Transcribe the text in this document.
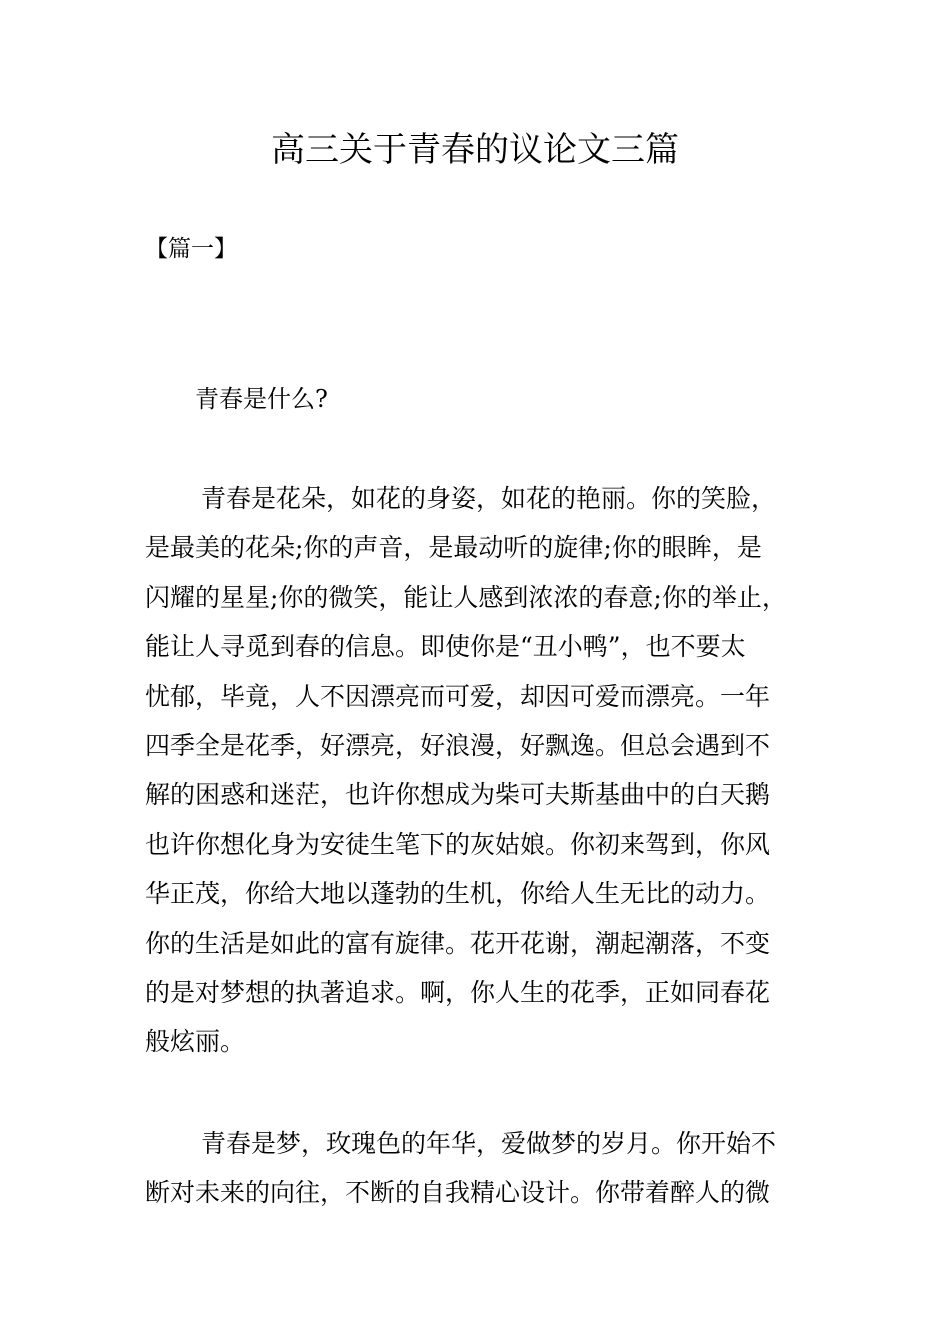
高三关于青春的议论文三篇
【篇一】
青春是什么?
青春是花朵，如花的身姿，如花的艳丽。你的笑脸，
是最美的花朵;你的声音，是最动听的旋律;你的眼眸，是
闪耀的星星;你的微笑，能让人感到浓浓的春意;你的举止，
能让人寻觅到春的信息。即使你是“丑小鸭”，也不要太
忧郁，毕竟，人不因漂亮而可爱，却因可爱而漂亮。一年
四季全是花季，好漂亮，好浪漫，好飘逸。但总会遇到不
解的困惑和迷茫，也许你想成为柴可夫斯基曲中的白天鹅
也许你想化身为安徒生笔下的灰姑娘。你初来驾到，你风
华正茂，你给大地以蓬勃的生机，你给人生无比的动力。
你的生活是如此的富有旋律。花开花谢，潮起潮落，不变
的是对梦想的执著追求。啊，你人生的花季，正如同春花
般炫丽。
青春是梦，玫瑰色的年华，爱做梦的岁月。你开始不
断对未来的向往，不断的自我精心设计。你带着醉人的微
